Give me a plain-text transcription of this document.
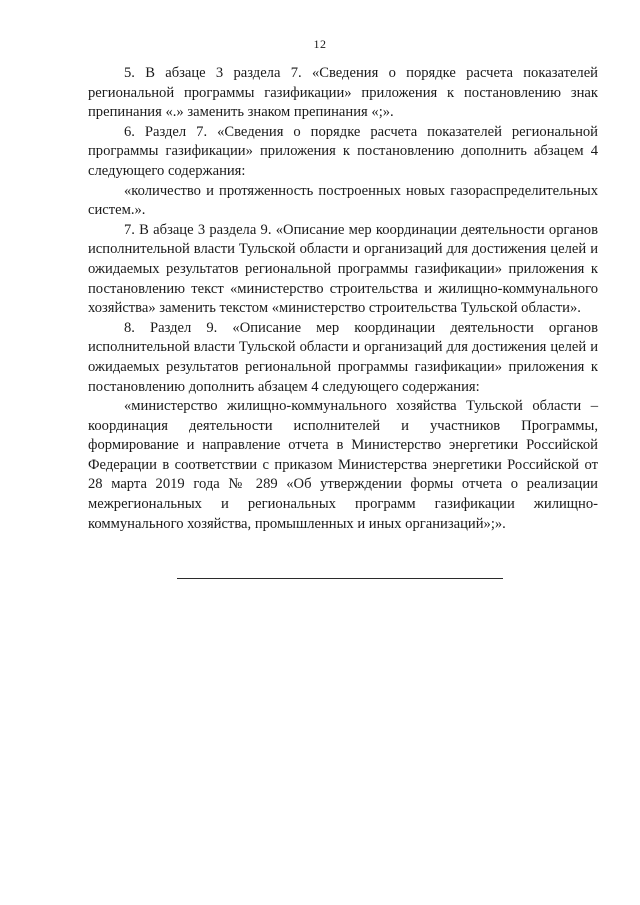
12

5. В абзаце 3 раздела 7. «Сведения о порядке расчета показателей региональной программы газификации» приложения к постановлению знак препинания «.» заменить знаком препинания «;».

6. Раздел 7. «Сведения о порядке расчета показателей региональной программы газификации» приложения к постановлению дополнить абзацем 4 следующего содержания:

«количество и протяженность построенных новых газораспределительных систем.».

7. В абзаце 3 раздела 9. «Описание мер координации деятельности органов исполнительной власти Тульской области и организаций для достижения целей и ожидаемых результатов региональной программы газификации» приложения к постановлению текст «министерство строительства и жилищно-коммунального хозяйства» заменить текстом «министерство строительства Тульской области».

8. Раздел 9. «Описание мер координации деятельности органов исполнительной власти Тульской области и организаций для достижения целей и ожидаемых результатов региональной программы газификации» приложения к постановлению дополнить абзацем 4 следующего содержания:

«министерство жилищно-коммунального хозяйства Тульской области – координация деятельности исполнителей и участников Программы, формирование и направление отчета в Министерство энергетики Российской Федерации в соответствии с приказом Министерства энергетики Российской от 28 марта 2019 года № 289 «Об утверждении формы отчета о реализации межрегиональных и региональных программ газификации жилищно-коммунального хозяйства, промышленных и иных организаций»;».
